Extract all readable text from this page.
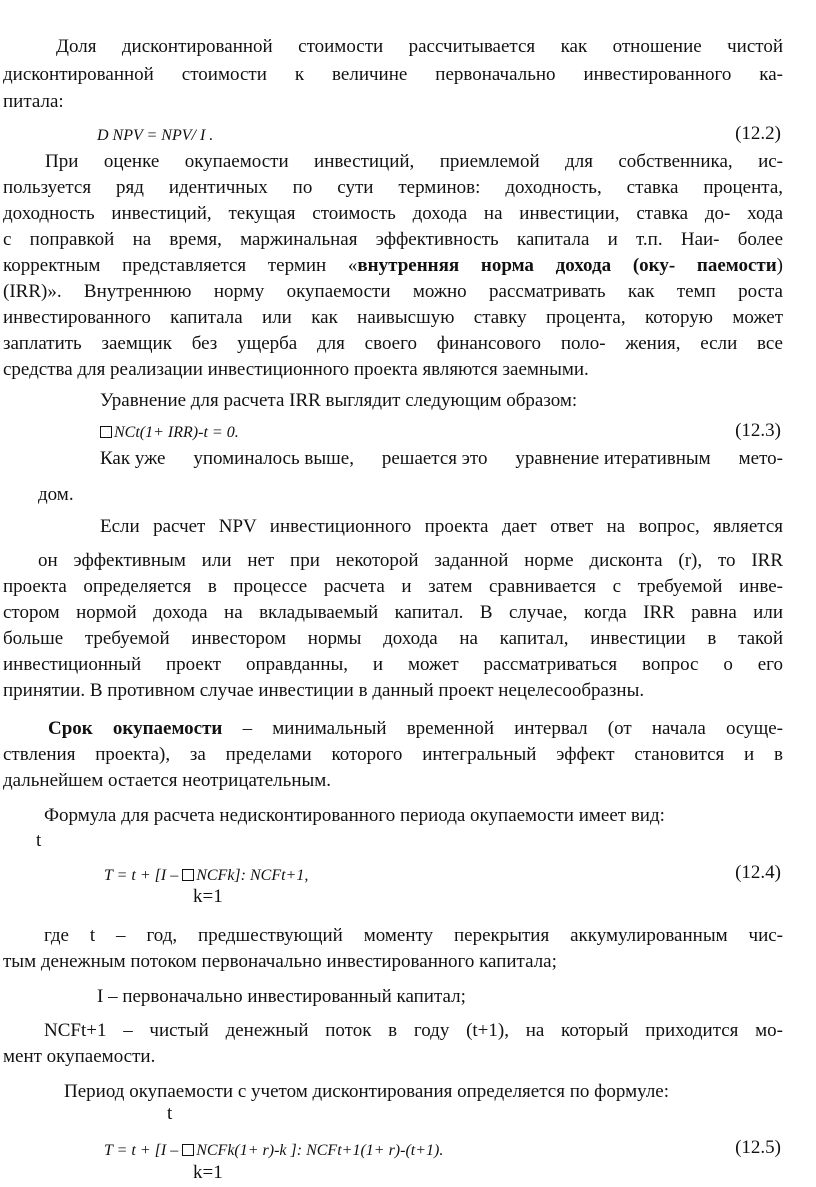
Доля дисконтированной стоимости рассчитывается как отношение чистой
дисконтированной стоимости к величине первоначально инвестированного ка-
питала:
D NPV = NPV/ I .	(12.2)
При оценке окупаемости инвестиций, приемлемой для собственника, ис-
пользуется ряд идентичных по сути терминов: доходность, ставка процента,
доходность инвестиций, текущая стоимость дохода на инвестиции, ставка до- хода
с поправкой на время, маржинальная эффективность капитала и т.п. Наи- более
корректным представляется термин «внутренняя норма дохода (оку- паемости)
(IRR)». Внутреннюю норму окупаемости можно рассматривать как темп роста
инвестированного капитала или как наивысшую ставку процента, которую может
заплатить заемщик без ущерба для своего финансового поло- жения, если все
средства для реализации инвестиционного проекта являются заемными.
Уравнение для расчета IRR выглядит следующим образом:
NCt(1+ IRR)-t = 0.	(12.3)
Как уже упоминалось выше, решается это уравнение итеративным мето-
дом.
Если расчет NPV инвестиционного проекта дает ответ на вопрос, является
он эффективным или нет при некоторой заданной норме дисконта (r), то IRR
проекта определяется в процессе расчета и затем сравнивается с требуемой инве-
стором нормой дохода на вкладываемый капитал. В случае, когда IRR равна или
больше требуемой инвестором нормы дохода на капитал, инвестиции в такой
инвестиционный проект оправданны, и может рассматриваться вопрос о его
принятии. В противном случае инвестиции в данный проект нецелесообразны.
Срок окупаемости – минимальный временной интервал (от начала осуще-
ствления проекта), за пределами которого интегральный эффект становится и в
дальнейшем остается неотрицательным.
Формула для расчета недисконтированного периода окупаемости имеет вид:
t
T = t + [I – NCFk]: NCFt+1,	(12.4)
k=1
где t – год, предшествующий моменту перекрытия аккумулированным чис-
тым денежным потоком первоначально инвестированного капитала;
I – первоначально инвестированный капитал;
NCFt+1 – чистый денежный поток в году (t+1), на который приходится мо-
мент окупаемости.
Период окупаемости с учетом дисконтирования определяется по формуле:
t
T = t + [I – NCFk(1+ r)-k ]: NCFt+1(1+ r)-(t+1).	(12.5)
k=1
